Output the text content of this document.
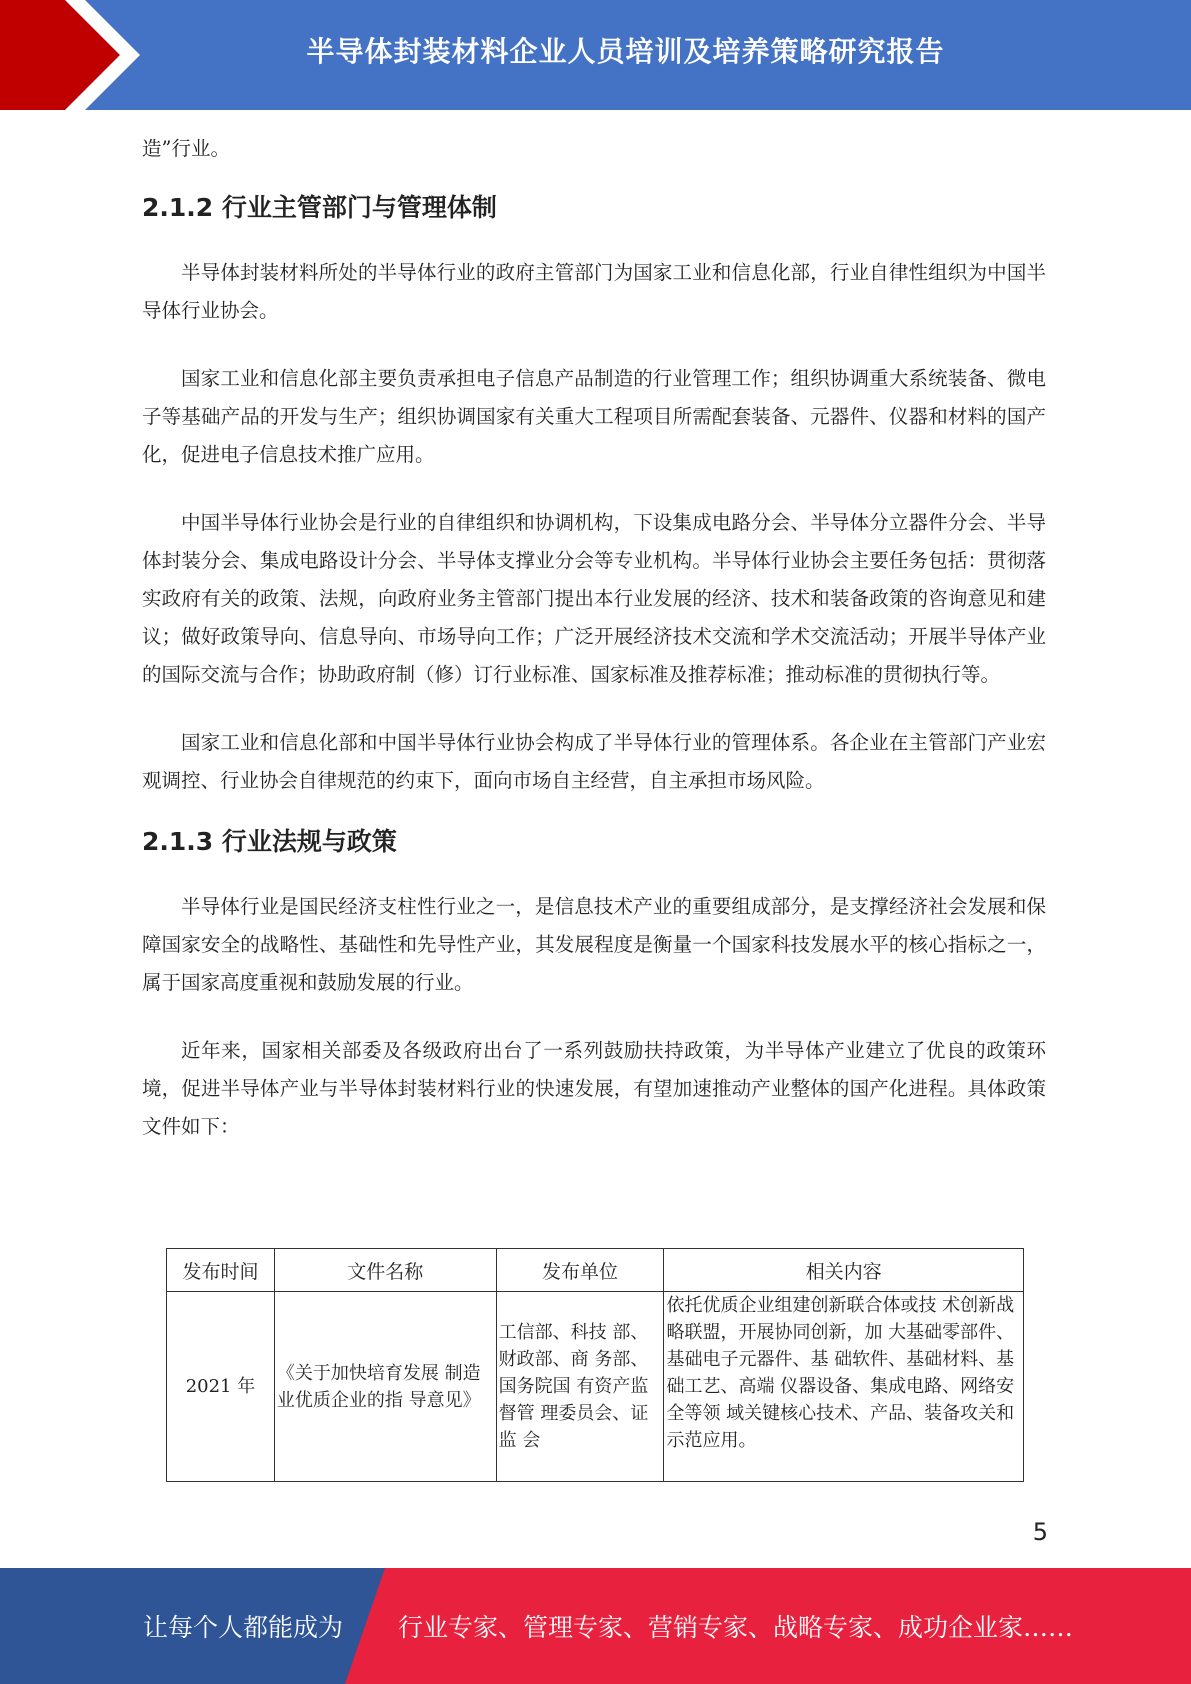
半导体封装材料企业人员培训及培养策略研究报告

造”行业。

2.1.2 行业主管部门与管理体制

半导体封装材料所处的半导体行业的政府主管部门为国家工业和信息化部，行业自律性组织为中国半导体行业协会。

国家工业和信息化部主要负责承担电子信息产品制造的行业管理工作；组织协调重大系统装备、微电子等基础产品的开发与生产；组织协调国家有关重大工程项目所需配套装备、元器件、仪器和材料的国产化，促进电子信息技术推广应用。

中国半导体行业协会是行业的自律组织和协调机构，下设集成电路分会、半导体分立器件分会、半导体封装分会、集成电路设计分会、半导体支撑业分会等专业机构。半导体行业协会主要任务包括：贯彻落实政府有关的政策、法规，向政府业务主管部门提出本行业发展的经济、技术和装备政策的咨询意见和建议；做好政策导向、信息导向、市场导向工作；广泛开展经济技术交流和学术交流活动；开展半导体产业的国际交流与合作；协助政府制（修）订行业标准、国家标准及推荐标准；推动标准的贯彻执行等。

国家工业和信息化部和中国半导体行业协会构成了半导体行业的管理体系。各企业在主管部门产业宏观调控、行业协会自律规范的约束下，面向市场自主经营，自主承担市场风险。

2.1.3 行业法规与政策

半导体行业是国民经济支柱性行业之一，是信息技术产业的重要组成部分，是支撑经济社会发展和保障国家安全的战略性、基础性和先导性产业，其发展程度是衡量一个国家科技发展水平的核心指标之一，属于国家高度重视和鼓励发展的行业。

近年来，国家相关部委及各级政府出台了一系列鼓励扶持政策，为半导体产业建立了优良的政策环境，促进半导体产业与半导体封装材料行业的快速发展，有望加速推动产业整体的国产化进程。具体政策文件如下：

发布时间	文件名称	发布单位	相关内容
2021 年	《关于加快培育发展 制造业优质企业的指 导意见》	工信部、科技 部、财政部、商 务部、国务院国 有资产监督管 理委员会、证监 会	依托优质企业组建创新联合体或技 术创新战略联盟，开展协同创新，加 大基础零部件、基础电子元器件、基 础软件、基础材料、基础工艺、高端 仪器设备、集成电路、网络安全等领 域关键核心技术、产品、装备攻关和 示范应用。
5
让每个人都能成为 行业专家、管理专家、营销专家、战略专家、成功企业家……
